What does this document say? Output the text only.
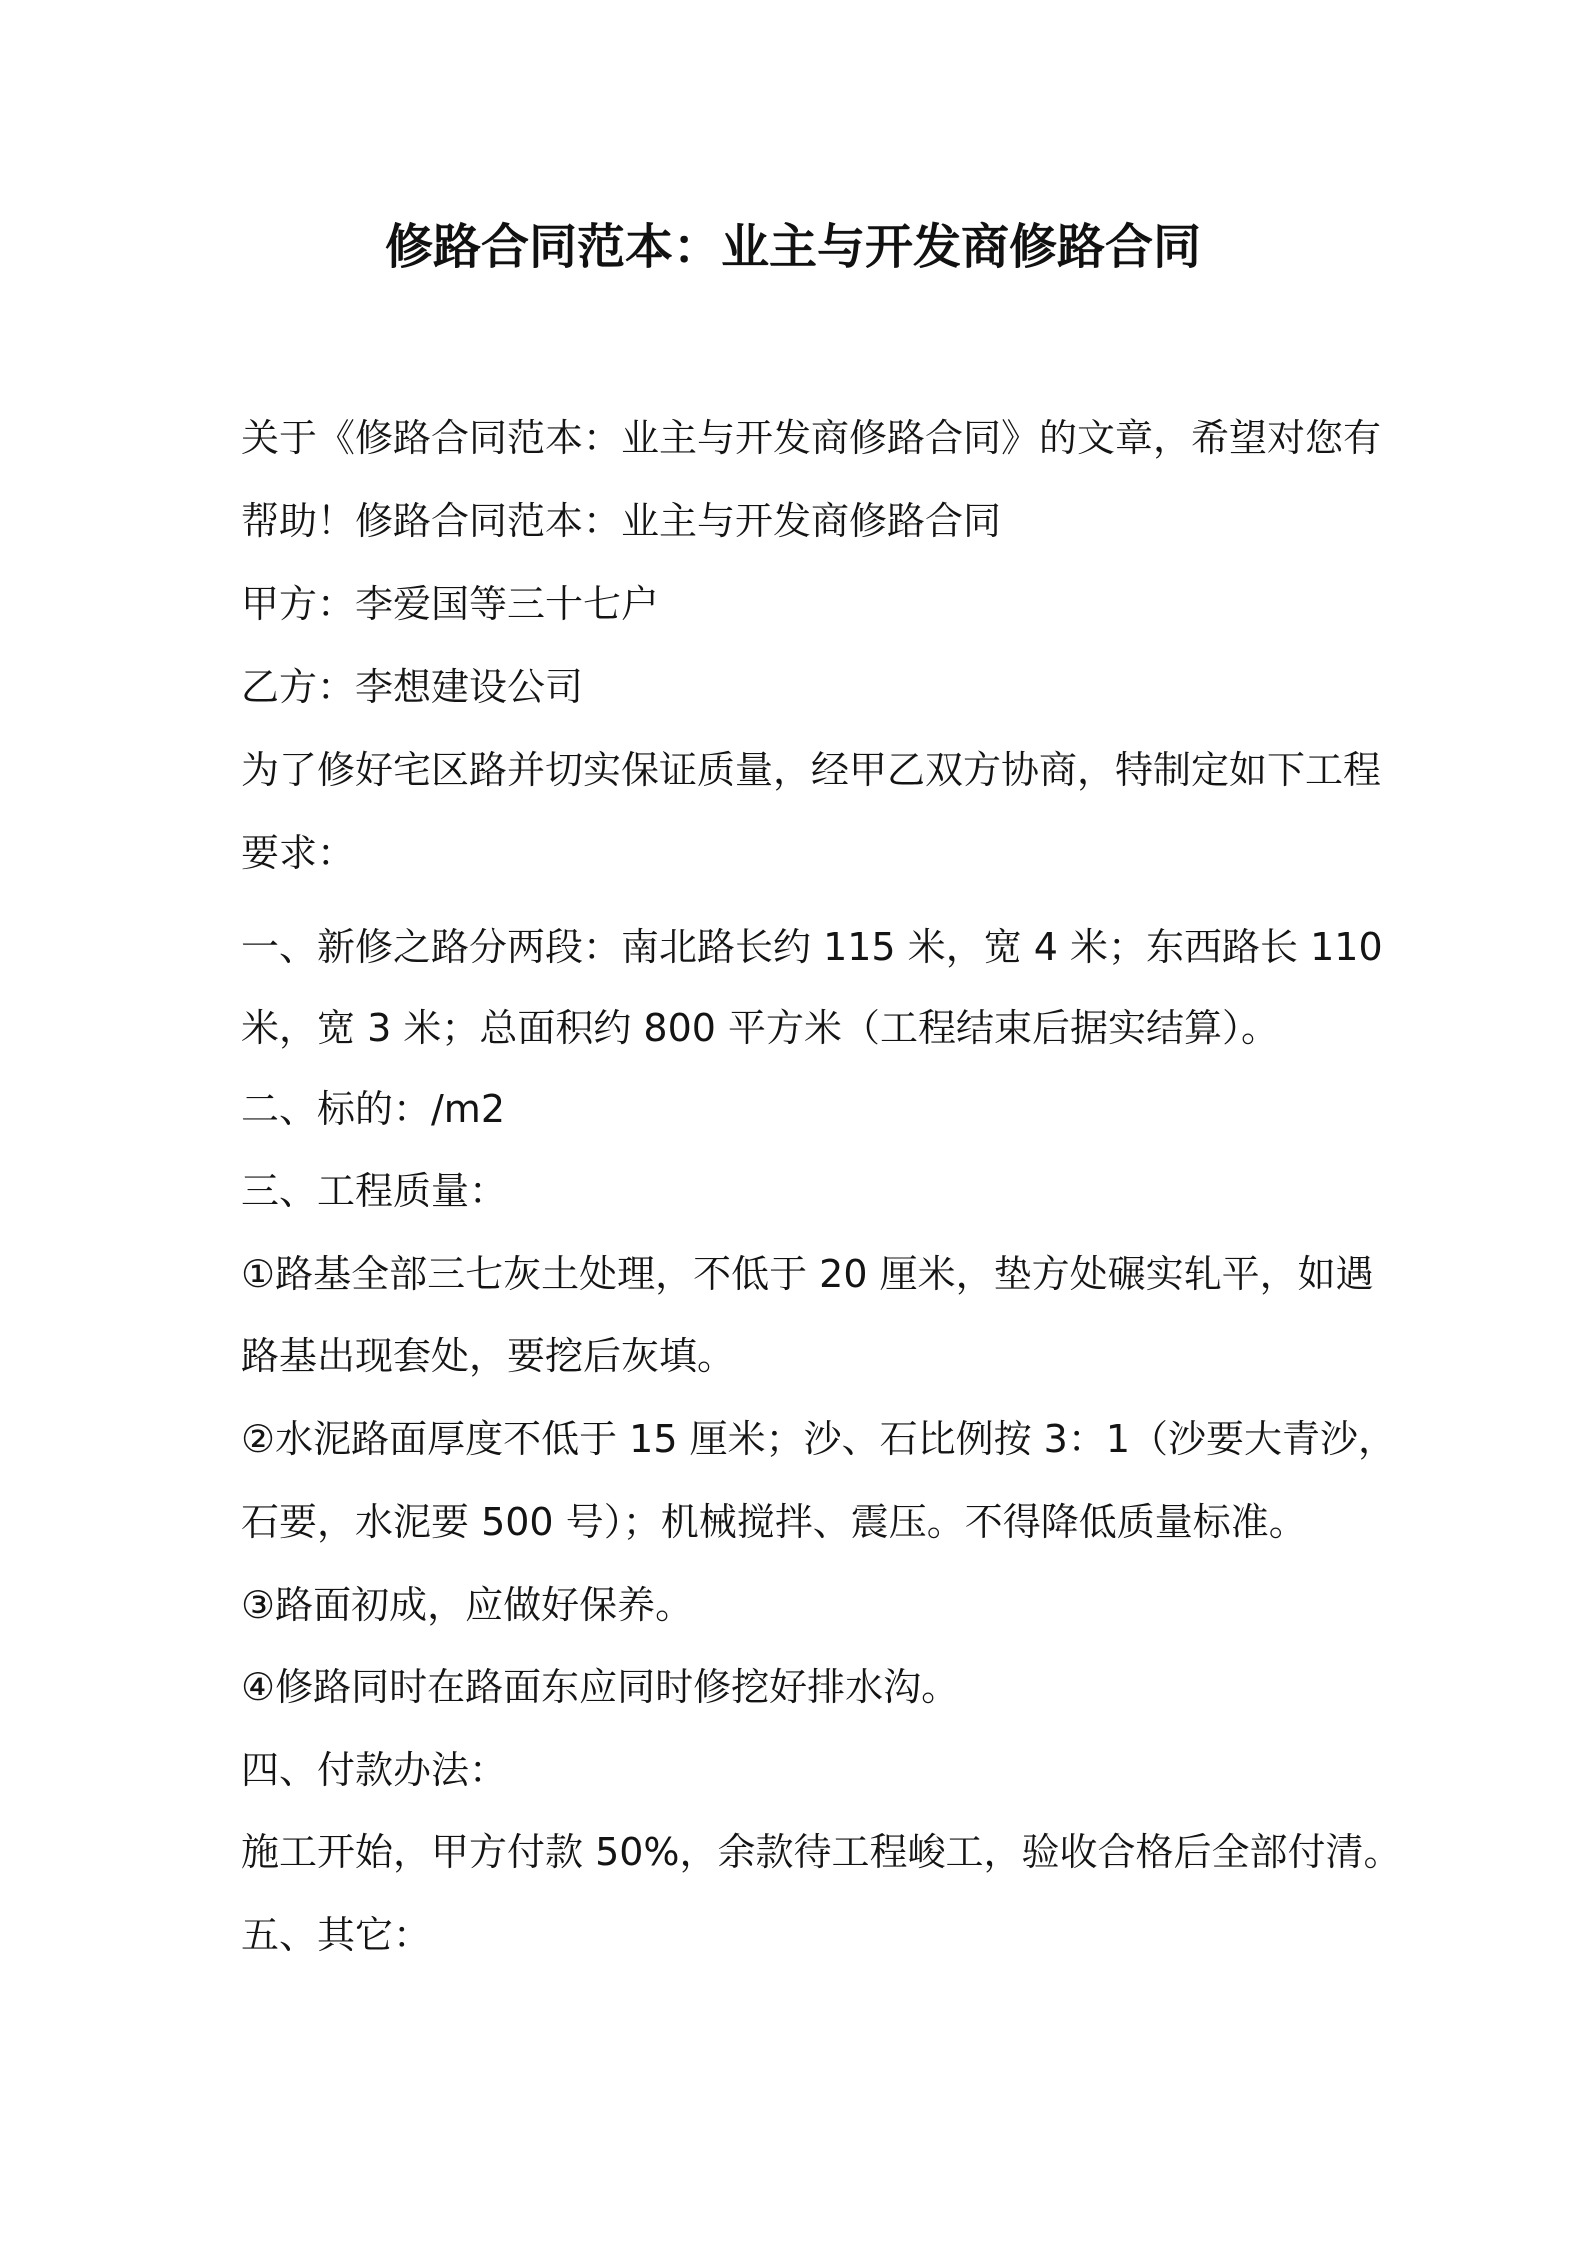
修路合同范本：业主与开发商修路合同
关于《修路合同范本：业主与开发商修路合同》的文章，希望对您有
帮助！修路合同范本：业主与开发商修路合同
甲方：李爱国等三十七户
乙方：李想建设公司
为了修好宅区路并切实保证质量，经甲乙双方协商，特制定如下工程
要求：
一、新修之路分两段：南北路长约 115 米，宽 4 米；东西路长 110
米，宽 3 米；总面积约 800 平方米（工程结束后据实结算）。
二、标的：/m2
三、工程质量：
①路基全部三七灰土处理，不低于 20 厘米，垫方处碾实轧平，如遇
路基出现套处，要挖后灰填。
②水泥路面厚度不低于 15 厘米；沙、石比例按 3：1（沙要大青沙，
石要，水泥要 500 号）；机械搅拌、震压。不得降低质量标准。
③路面初成，应做好保养。
④修路同时在路面东应同时修挖好排水沟。
四、付款办法：
施工开始，甲方付款 50%，余款待工程峻工，验收合格后全部付清。
五、其它：
